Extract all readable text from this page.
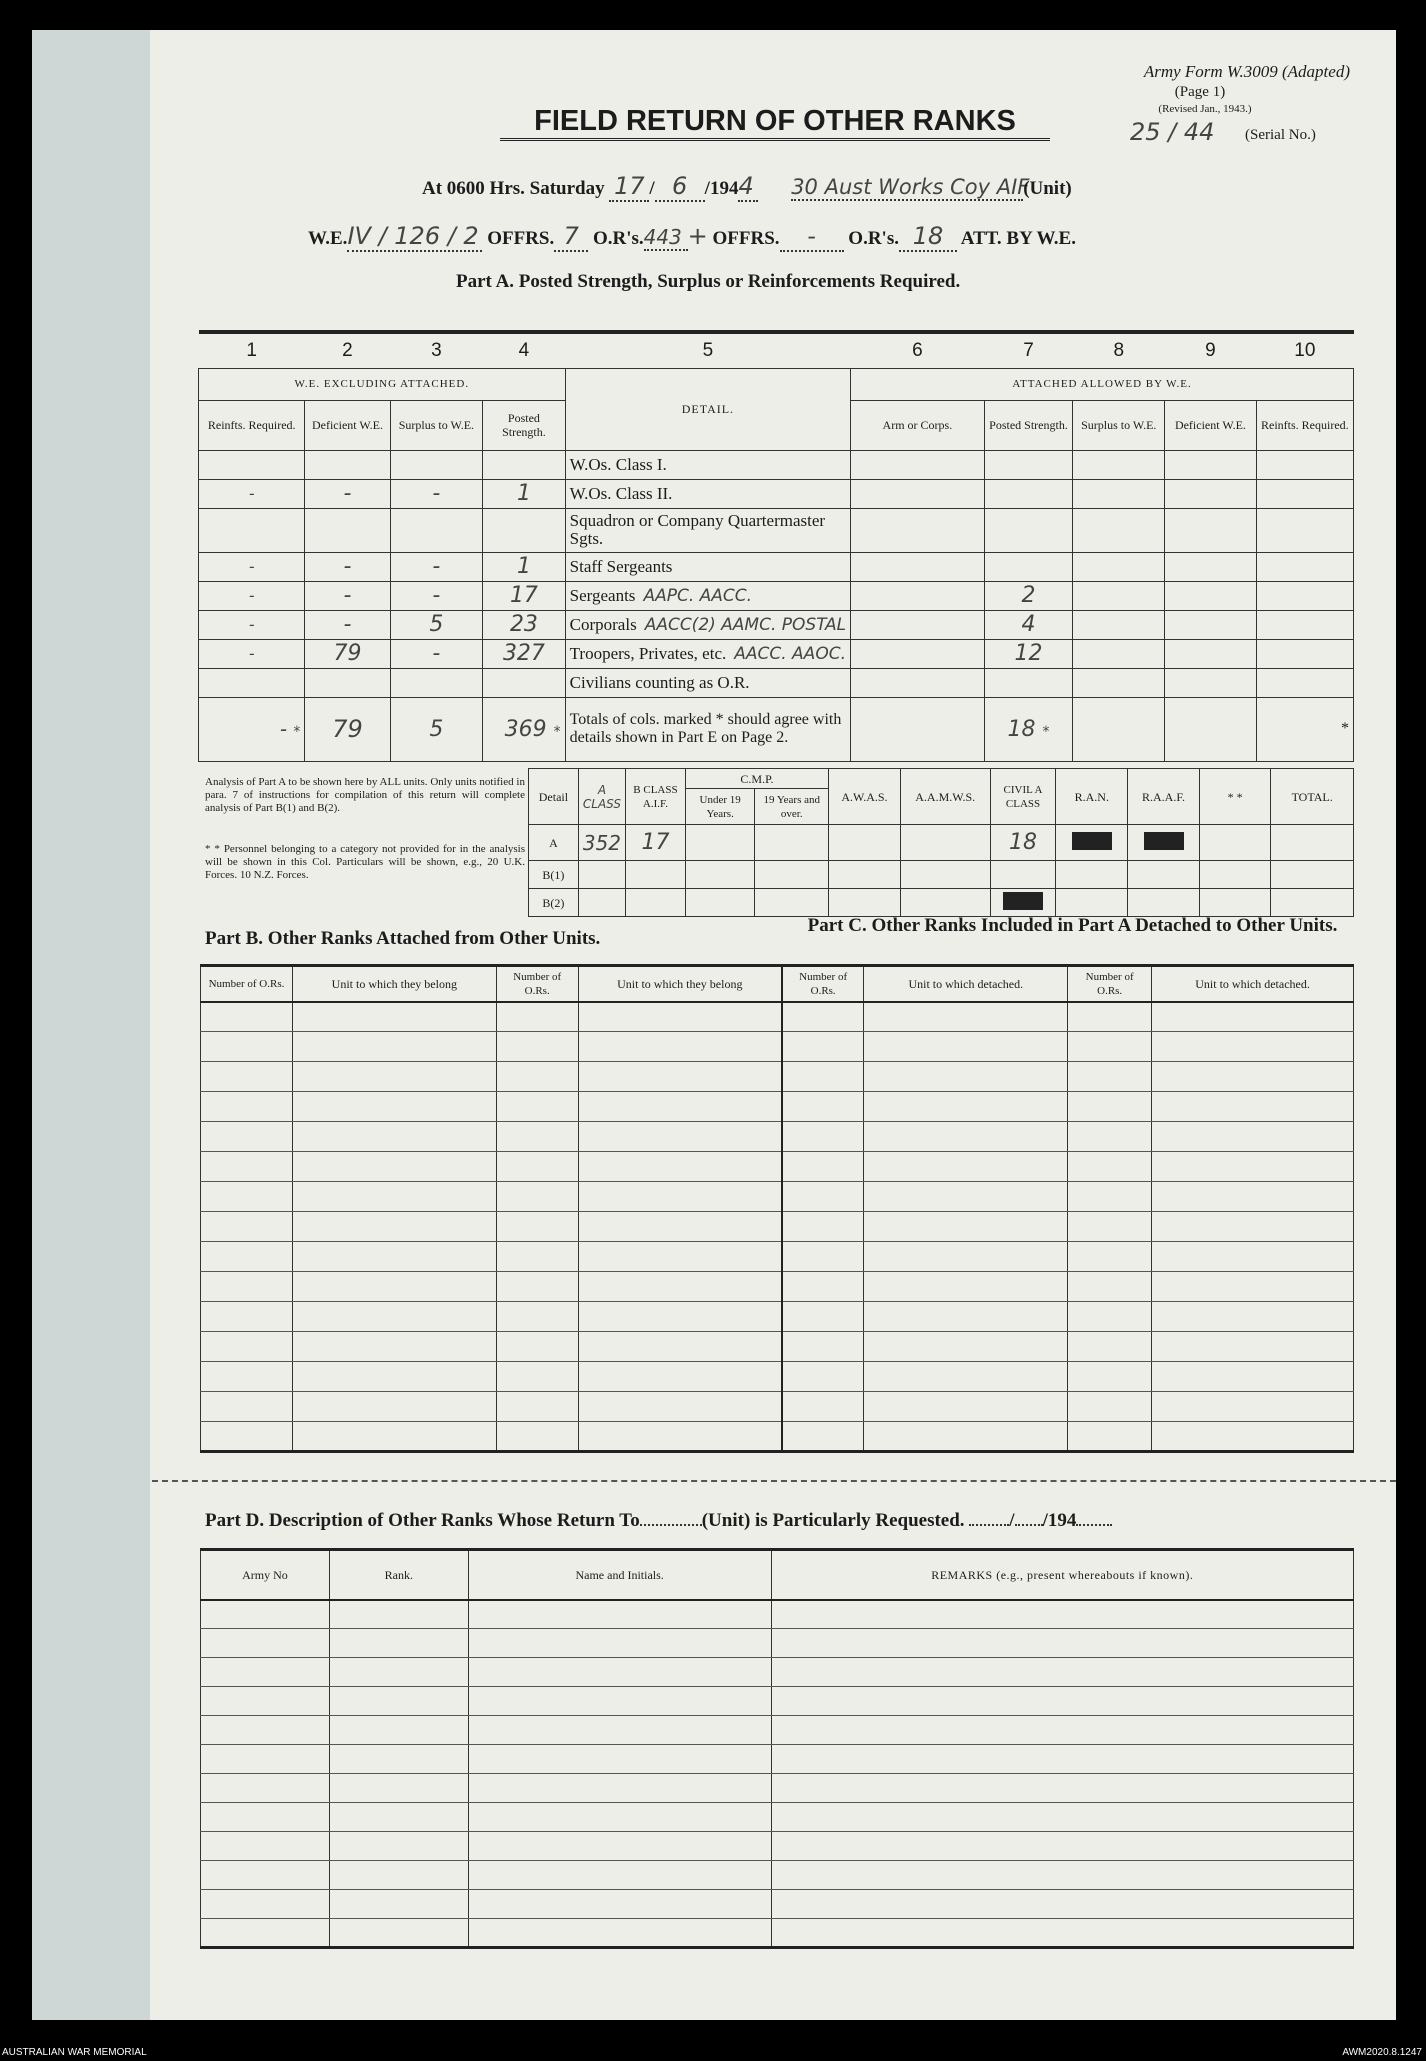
Army Form W.3009 (Adapted)
(Page 1)
(Revised Jan., 1943.)
25 / 44	(Serial No.)
FIELD RETURN OF OTHER RANKS
At 0600 Hrs. Saturday 17 / 6 /1944 30 Aust Works Coy AIF(Unit)
W.E.IV / 126 / 2 OFFRS. 7 O.R's.443 + OFFRS. - O.R's. 18 ATT. BY W.E.
Part A. Posted Strength, Surplus or Reinforcements Required.
1	2	3	4	5	6	7	8	9	10
W.E. EXCLUDING ATTACHED.				DETAIL.	ATTACHED ALLOWED BY W.E.				
Reinfts. Required.	Deficient W.E.	Surplus to W.E.	Posted Strength.		Arm or Corps.	Posted Strength.	Surplus to W.E.	Deficient W.E.	Reinfts. Required.
				W.Os. Class I.					
-	-	-	1	W.Os. Class II.					
				Squadron or Company Quartermaster Sgts.					
-	-	-	1	Staff Sergeants					
-	-	-	17	Sergeants AAPC. AACC.		2			
-	-	5	23	Corporals AACC(2) AAMC. POSTAL		4			
-	79	-	327	Troopers, Privates, etc. AACC. AAOC.		12			
				Civilians counting as O.R.					
- *	79	5	369 *	Totals of cols. marked * should agree with details shown in Part E on Page 2.		18 *			*
Analysis of Part A to be shown here by ALL units. Only units notified in para. 7 of instructions for compilation of this return will complete analysis of Part B(1) and B(2).
* * Personnel belonging to a category not provided for in the analysis will be shown in this Col. Particulars will be shown, e.g., 20 U.K. Forces. 10 N.Z. Forces.
Detail	A CLASS	B CLASS A.I.F.	C.M.P.		A.W.A.S.	A.A.M.W.S.	CIVIL A CLASS	R.A.N.	R.A.A.F.	* *	TOTAL.
			Under 19 Years.	19 Years and over.							
A	352	17					18				
B(1)											
B(2)											
Part B. Other Ranks Attached from Other Units.
Part C. Other Ranks Included in Part A Detached to Other Units.
Number of O.Rs.	Unit to which they belong	Number of O.Rs.	Unit to which they belong	Number of O.Rs.	Unit to which detached.	Number of O.Rs.	Unit to which detached.

Part D. Description of Other Ranks Whose Return To	(Unit) is Particularly Requested. / /194
Army No	Rank.	Name and Initials.	REMARKS (e.g., present whereabouts if known).

AUSTRALIAN WAR MEMORIAL	AWM2020.8.1247
